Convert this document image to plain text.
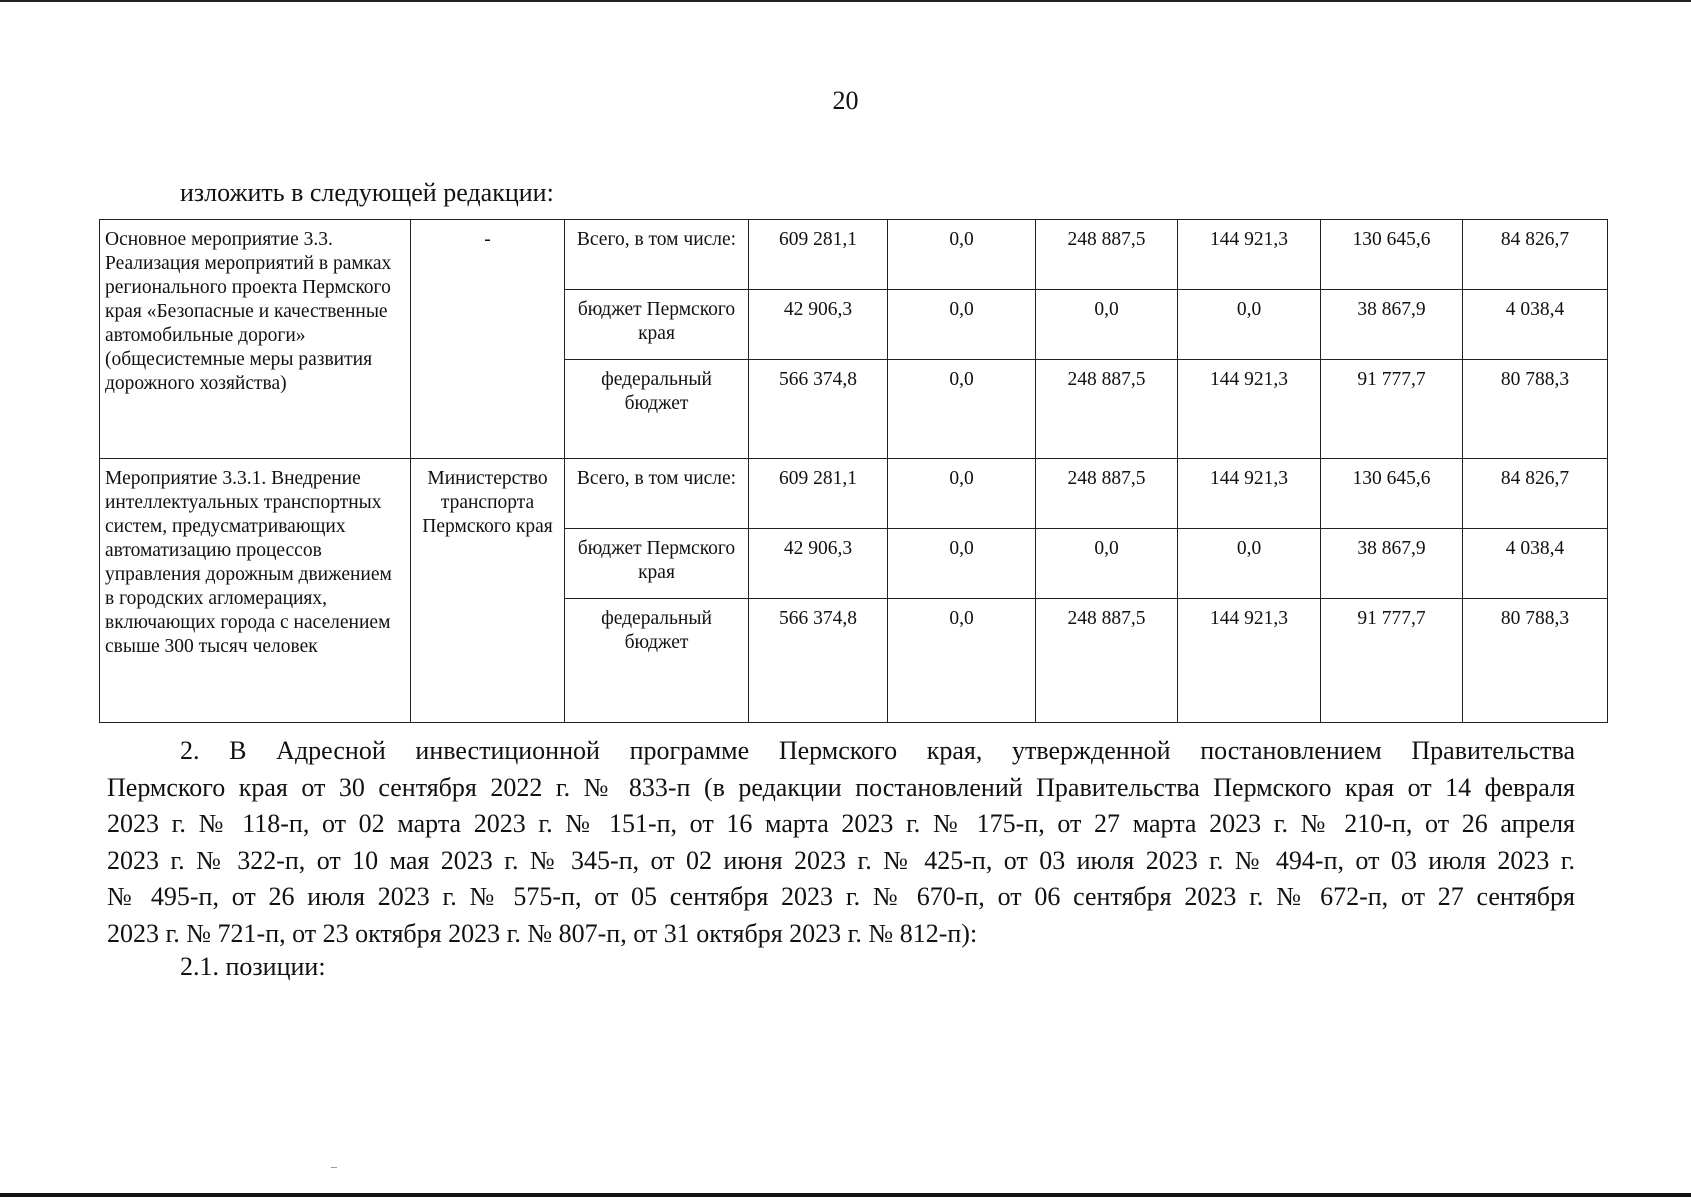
20
изложить в следующей редакции:
Основное мероприятие 3.3. Реализация мероприятий в рамках регионального проекта Пермского края «Безопасные и качественные автомобильные дороги» (общесистемные меры развития дорожного хозяйства)	-	Всего, в том числе:	609 281,1	0,0	248 887,5	144 921,3	130 645,6	84 826,7
		бюджет Пермского края	42 906,3	0,0	0,0	0,0	38 867,9	4 038,4
		федеральный бюджет	566 374,8	0,0	248 887,5	144 921,3	91 777,7	80 788,3
Мероприятие 3.3.1. Внедрение интеллектуальных транспортных систем, предусматривающих автоматизацию процессов управления дорожным движением в городских агломерациях, включающих города с населением свыше 300 тысяч человек	Министерство транспорта Пермского края	Всего, в том числе:	609 281,1	0,0	248 887,5	144 921,3	130 645,6	84 826,7
		бюджет Пермского края	42 906,3	0,0	0,0	0,0	38 867,9	4 038,4
		федеральный бюджет	566 374,8	0,0	248 887,5	144 921,3	91 777,7	80 788,3
2. В Адресной инвестиционной программе Пермского края, утвержденной постановлением Правительства
Пермского края от 30 сентября 2022 г. № 833-п (в редакции постановлений Правительства Пермского края от 14 февраля
2023 г. № 118-п, от 02 марта 2023 г. № 151-п, от 16 марта 2023 г. № 175-п, от 27 марта 2023 г. № 210-п, от 26 апреля
2023 г. № 322-п, от 10 мая 2023 г. № 345-п, от 02 июня 2023 г. № 425-п, от 03 июля 2023 г. № 494-п, от 03 июля 2023 г.
№ 495-п, от 26 июля 2023 г. № 575-п, от 05 сентября 2023 г. № 670-п, от 06 сентября 2023 г. № 672-п, от 27 сентября
2023 г. № 721-п, от 23 октября 2023 г. № 807-п, от 31 октября 2023 г. № 812-п):
2.1. позиции:
